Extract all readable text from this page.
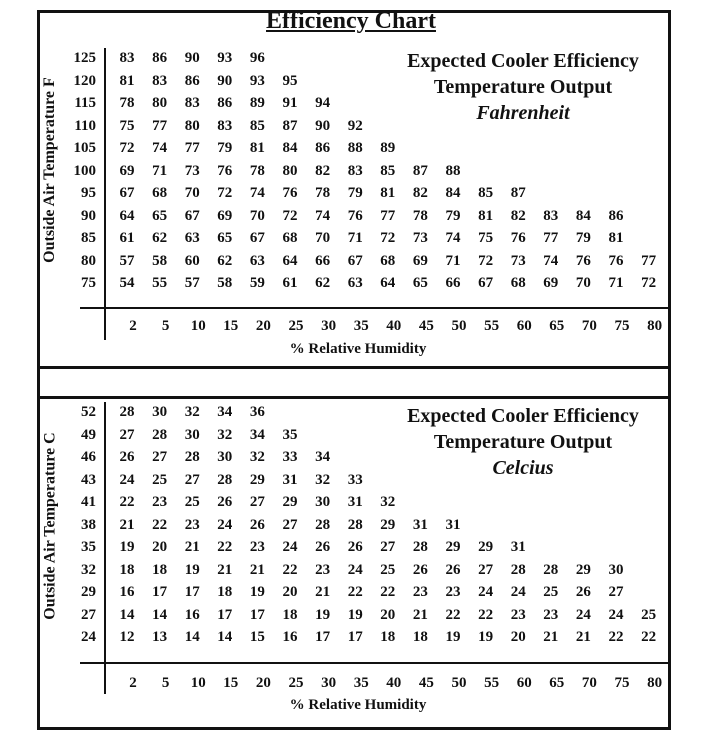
Efficiency Chart
Expected Cooler Efficiency
Temperature Output
Fahrenheit
Outside Air Temperature F
125	83	86	90	93	96
120	81	83	86	90	93	95
115	78	80	83	86	89	91	94
110	75	77	80	83	85	87	90	92
105	72	74	77	79	81	84	86	88	89
100	69	71	73	76	78	80	82	83	85	87	88
95	67	68	70	72	74	76	78	79	81	82	84	85	87
90	64	65	67	69	70	72	74	76	77	78	79	81	82	83	84	86
85	61	62	63	65	67	68	70	71	72	73	74	75	76	77	79	81
80	57	58	60	62	63	64	66	67	68	69	71	72	73	74	76	76	77
75	54	55	57	58	59	61	62	63	64	65	66	67	68	69	70	71	72
2	5	10	15	20	25	30	35	40	45	50	55	60	65	70	75	80
% Relative Humidity
Expected Cooler Efficiency
Temperature Output
Celcius
Outside Air Temperature C
52	28	30	32	34	36
49	27	28	30	32	34	35
46	26	27	28	30	32	33	34
43	24	25	27	28	29	31	32	33
41	22	23	25	26	27	29	30	31	32
38	21	22	23	24	26	27	28	28	29	31	31
35	19	20	21	22	23	24	26	26	27	28	29	29	31
32	18	18	19	21	21	22	23	24	25	26	26	27	28	28	29	30
29	16	17	17	18	19	20	21	22	22	23	23	24	24	25	26	27
27	14	14	16	17	17	18	19	19	20	21	22	22	23	23	24	24	25
24	12	13	14	14	15	16	17	17	18	18	19	19	20	21	21	22	22
2	5	10	15	20	25	30	35	40	45	50	55	60	65	70	75	80
% Relative Humidity
